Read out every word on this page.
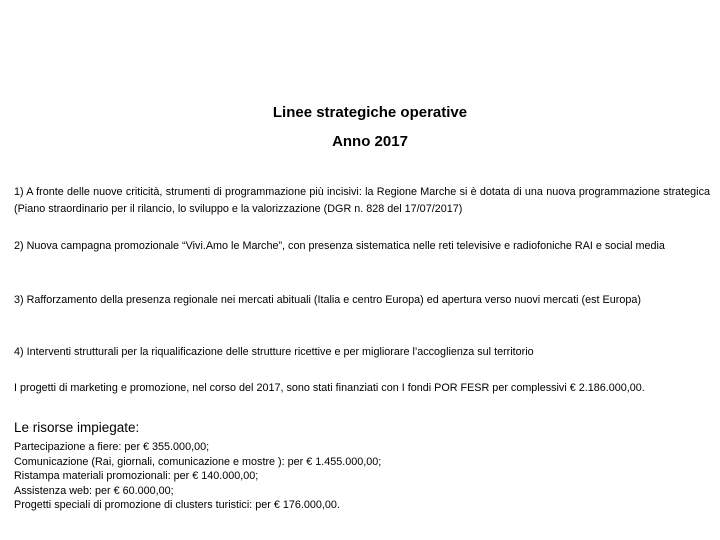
Linee strategiche operative
Anno 2017
1) A fronte delle nuove criticità, strumenti di programmazione più incisivi: la Regione Marche si è dotata di una nuova programmazione strategica (Piano straordinario per il rilancio, lo sviluppo e la valorizzazione (DGR n. 828 del 17/07/2017)
2) Nuova campagna promozionale “Vivi.Amo le Marche”, con presenza sistematica nelle reti televisive e radiofoniche RAI e social media
3) Rafforzamento della presenza regionale nei mercati abituali (Italia e centro Europa) ed apertura verso nuovi mercati (est Europa)
4) Interventi strutturali per la riqualificazione delle strutture ricettive e per migliorare l’accoglienza sul territorio
I progetti di marketing e promozione, nel corso del 2017, sono stati finanziati con I fondi POR FESR per complessivi € 2.186.000,00.
Le risorse impiegate:
Partecipazione a fiere: per € 355.000,00;
Comunicazione (Rai, giornali, comunicazione e mostre ): per € 1.455.000,00;
Ristampa materiali promozionali: per € 140.000,00;
Assistenza web: per € 60.000,00;
Progetti speciali di promozione di clusters turistici: per € 176.000,00.
